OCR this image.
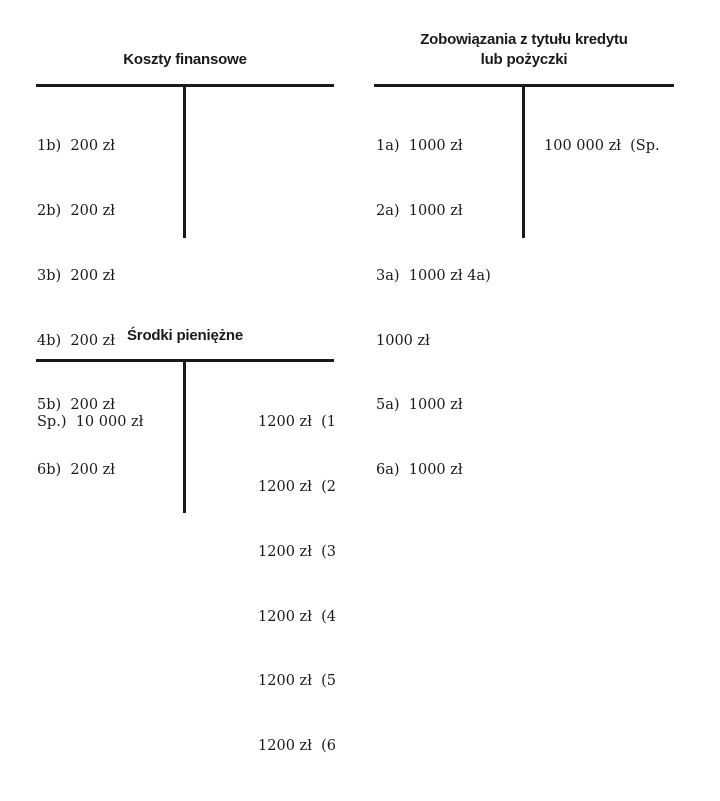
Koszty finansowe

1b)  200 zł

2b)  200 zł

3b)  200 zł

4b)  200 zł

5b)  200 zł

6b)  200 zł

Zobowiązania z tytułu kredytu
lub pożyczki

1a)  1000 zł

2a)  1000 zł

3a)  1000 zł 4a)

1000 zł

5a)  1000 zł

6a)  1000 zł

100 000 zł  (Sp.

Środki pieniężne

Sp.)  10 000 zł

	1200 zł  (1

1200 zł  (2

1200 zł  (3

1200 zł  (4

1200 zł  (5

1200 zł  (6
